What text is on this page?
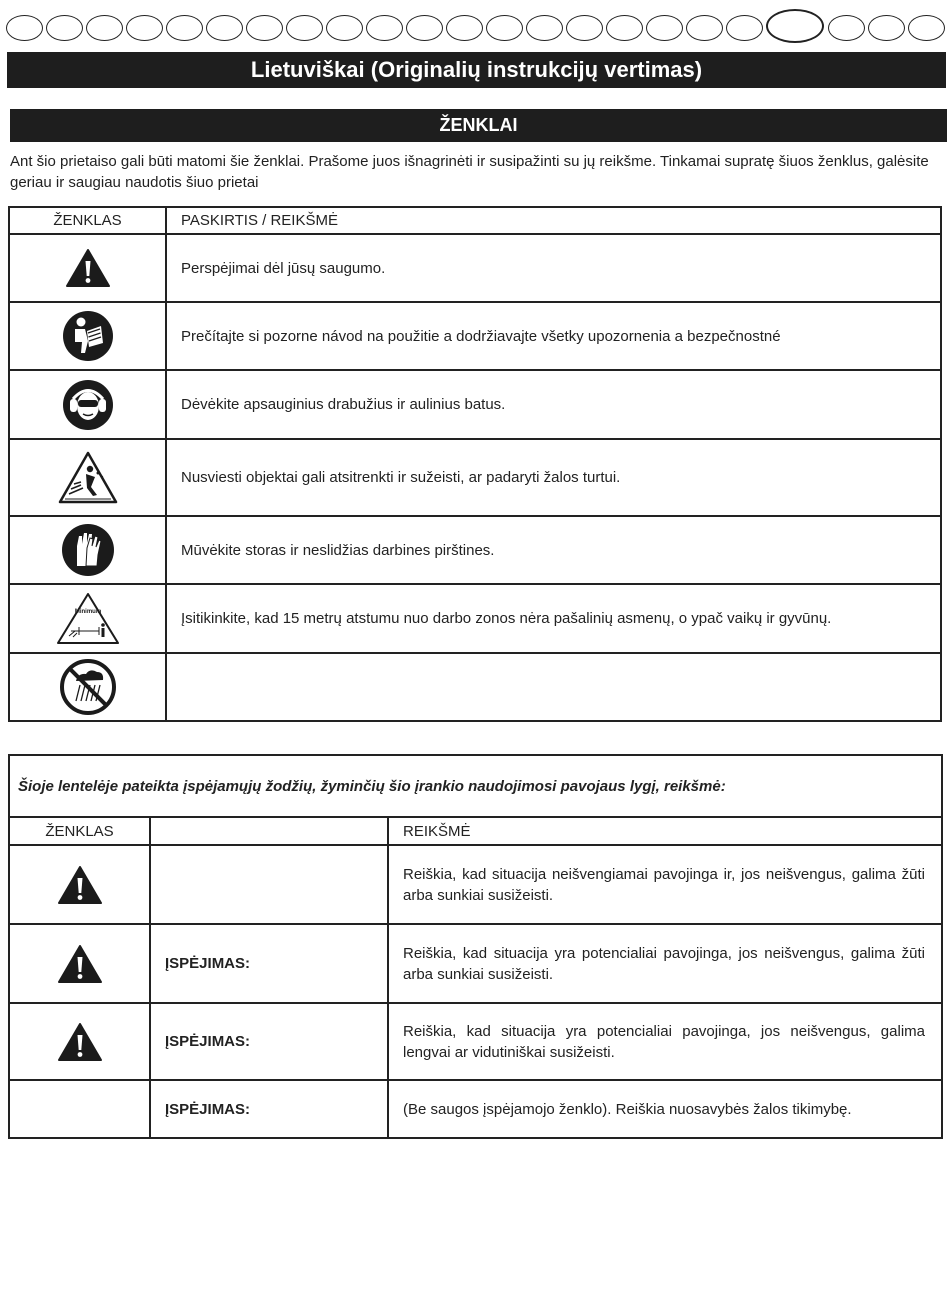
Lietuviškai (Originalių instrukcijų vertimas)
ŽENKLAI
Ant šio prietaiso gali būti matomi šie ženklai. Prašome juos išnagrinėti ir susipažinti su jų reikšme. Tinkamai supratę šiuos ženklus, galėsite geriau ir saugiau naudotis šiuo prietai
ŽENKLAS	PASKIRTIS / REIKŠMĖ
	Perspėjimai dėl jūsų saugumo.
	Prečítajte si pozorne návod na použitie a dodržiavajte všetky upozornenia a bezpečnostné
	Dėvėkite apsauginius drabužius ir aulinius batus.
	Nusviesti objektai gali atsitrenkti ir sužeisti, ar padaryti žalos turtui.
	Mūvėkite storas ir neslidžias darbines pirštines.

Minimum	Įsitikinkite, kad 15 metrų atstumu nuo darbo zonos nėra pašalinių asmenų, o ypač vaikų ir gyvūnų.

Šioje lentelėje pateikta įspėjamųjų žodžių, žyminčių šio įrankio naudojimosi pavojaus lygį, reikšmė:		
ŽENKLAS		REIKŠMĖ
		Reiškia, kad situacija neišvengiamai pavojinga ir, jos neišvengus, galima žūti arba sunkiai susižeisti.
	ĮSPĖJIMAS:	Reiškia, kad situacija yra potencialiai pavojinga, jos neišvengus, galima žūti arba sunkiai susižeisti.
	ĮSPĖJIMAS:	Reiškia, kad situacija yra potencialiai pavojinga, jos neišvengus, galima lengvai ar vidutiniškai susižeisti.
	ĮSPĖJIMAS:	(Be saugos įspėjamojo ženklo). Reiškia nuosavybės žalos tikimybę.
